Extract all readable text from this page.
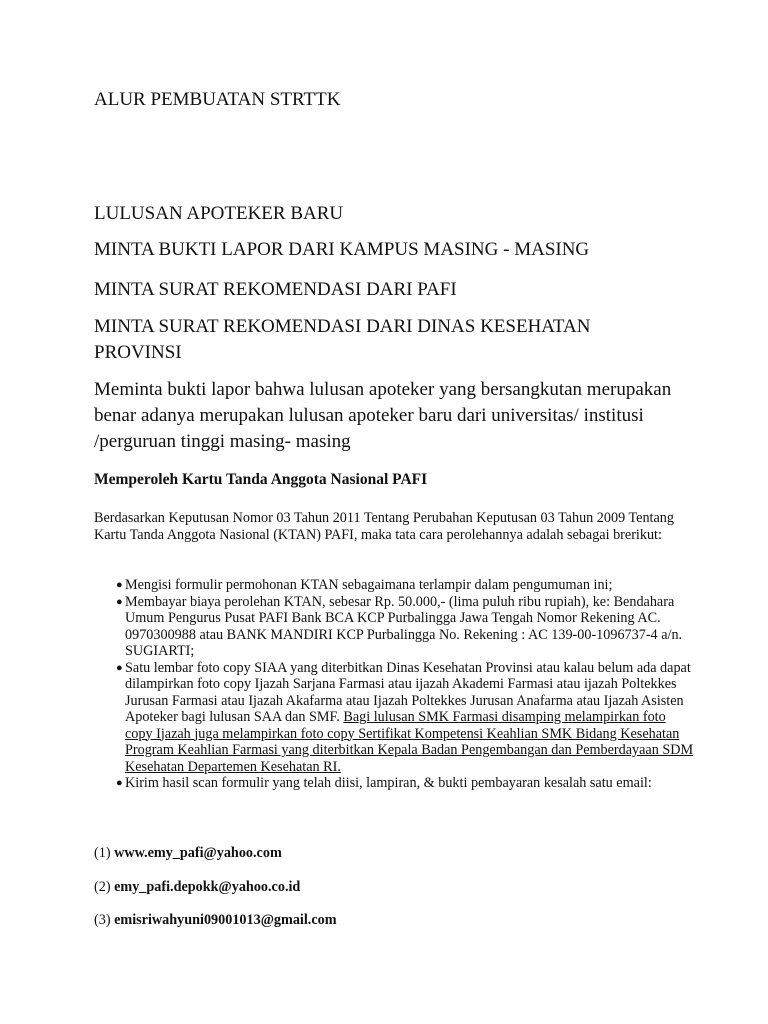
ALUR PEMBUATAN STRTTK
LULUSAN APOTEKER BARU
MINTA BUKTI LAPOR DARI KAMPUS MASING - MASING
MINTA SURAT REKOMENDASI DARI PAFI
MINTA SURAT REKOMENDASI DARI DINAS KESEHATAN
PROVINSI
Meminta bukti lapor bahwa lulusan apoteker yang bersangkutan merupakan benar adanya merupakan lulusan apoteker baru dari universitas/ institusi /perguruan tinggi masing- masing
Memperoleh Kartu Tanda Anggota Nasional PAFI
Berdasarkan Keputusan Nomor 03 Tahun 2011 Tentang Perubahan Keputusan 03 Tahun 2009 Tentang Kartu Tanda Anggota Nasional (KTAN) PAFI, maka tata cara perolehannya adalah sebagai brerikut:
● Mengisi formulir permohonan KTAN sebagaimana terlampir dalam pengumuman ini;
● Membayar biaya perolehan KTAN, sebesar Rp. 50.000,- (lima puluh ribu rupiah), ke: Bendahara Umum Pengurus Pusat PAFI Bank BCA KCP Purbalingga Jawa Tengah Nomor Rekening AC. 0970300988 atau BANK MANDIRI KCP Purbalingga No. Rekening : AC 139-00-1096737-4 a/n. SUGIARTI;
● Satu lembar foto copy SIAA yang diterbitkan Dinas Kesehatan Provinsi atau kalau belum ada dapat dilampirkan foto copy Ijazah Sarjana Farmasi atau ijazah Akademi Farmasi atau ijazah Poltekkes Jurusan Farmasi atau Ijazah Akafarma atau Ijazah Poltekkes Jurusan Anafarma atau Ijazah Asisten Apoteker bagi lulusan SAA dan SMF. Bagi lulusan SMK Farmasi disamping melampirkan foto copy Ijazah juga melampirkan foto copy Sertifikat Kompetensi Keahlian SMK Bidang Kesehatan Program Keahlian Farmasi yang diterbitkan Kepala Badan Pengembangan dan Pemberdayaan SDM Kesehatan Departemen Kesehatan RI.
● Kirim hasil scan formulir yang telah diisi, lampiran, & bukti pembayaran kesalah satu email:
(1) www.emy_pafi@yahoo.com
(2) emy_pafi.depokk@yahoo.co.id
(3) emisriwahyuni09001013@gmail.com
